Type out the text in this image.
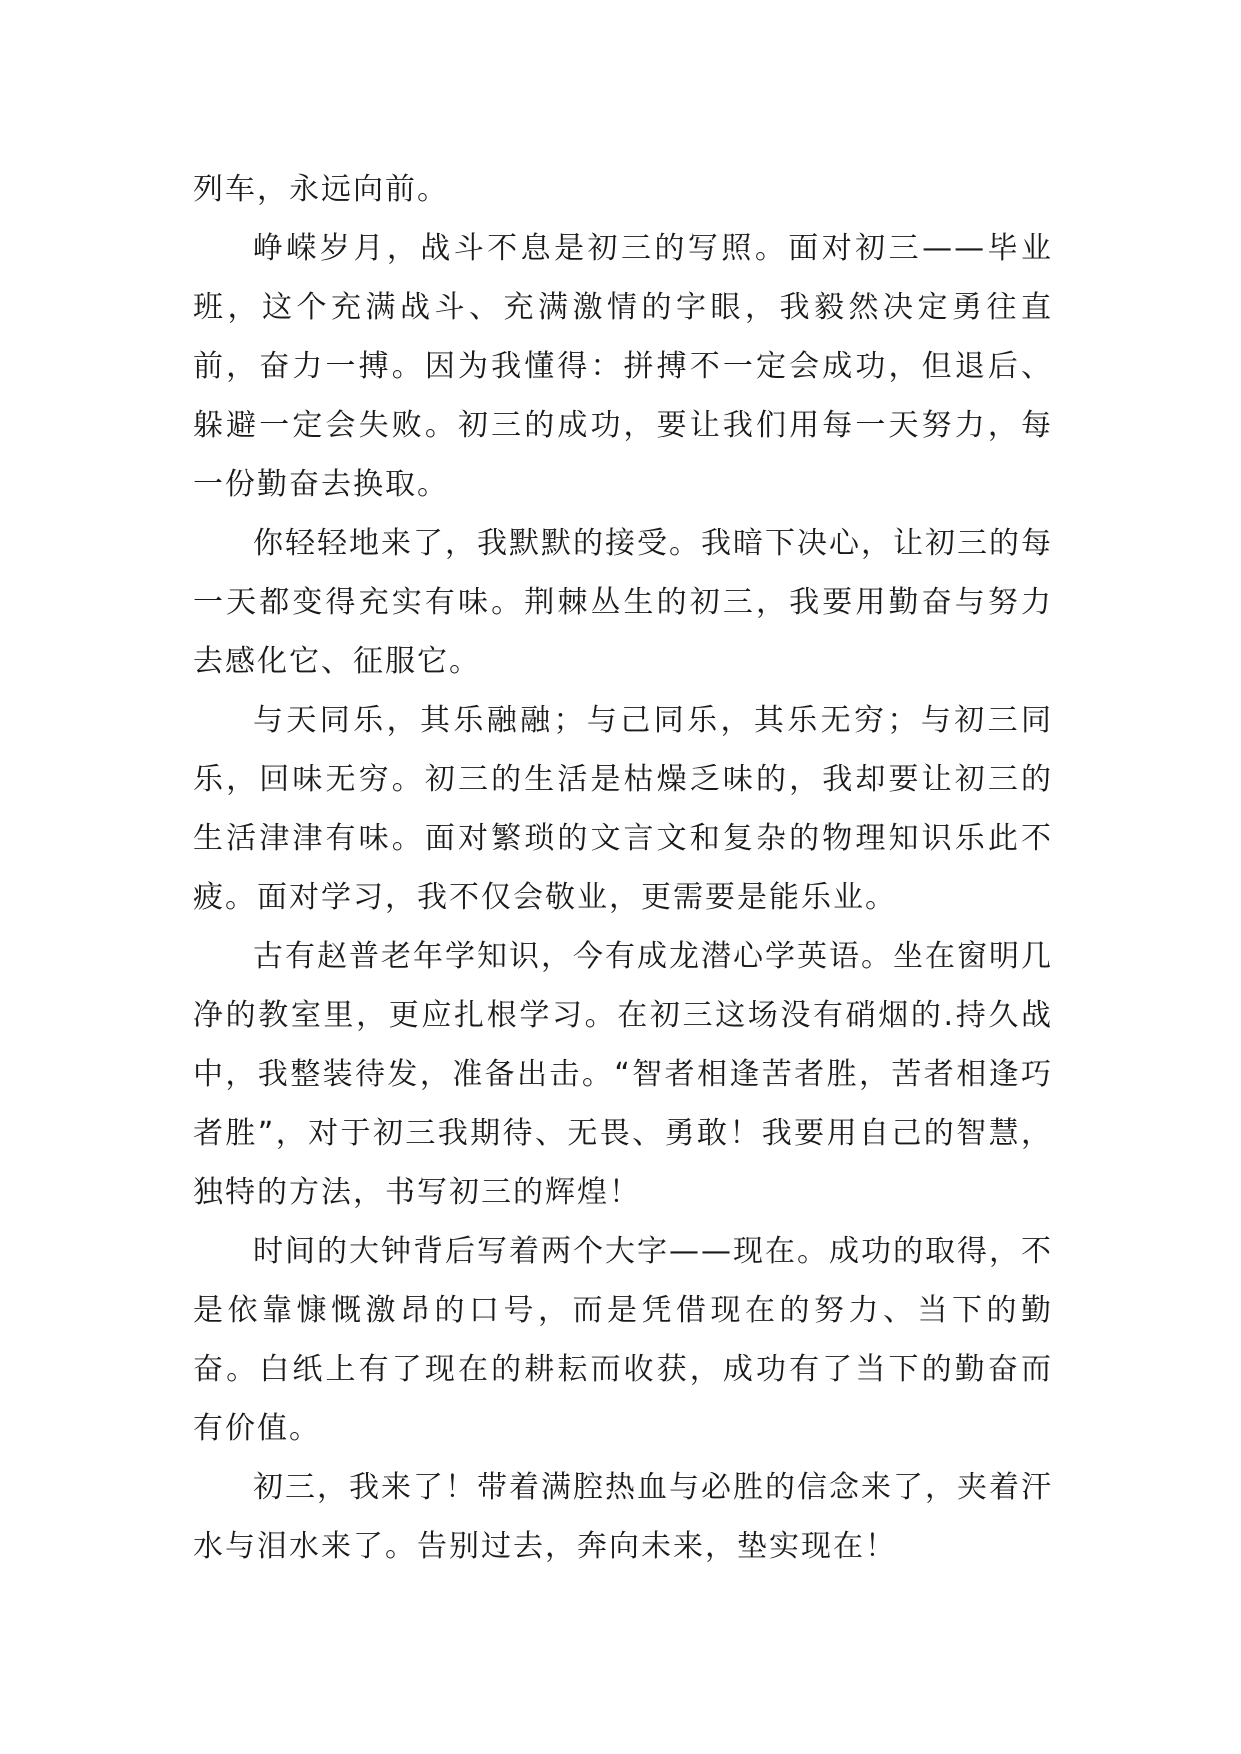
列车，永远向前。

峥嵘岁月，战斗不息是初三的写照。面对初三——毕业班，这个充满战斗、充满激情的字眼，我毅然决定勇往直前，奋力一搏。因为我懂得：拼搏不一定会成功，但退后、躲避一定会失败。初三的成功，要让我们用每一天努力，每一份勤奋去换取。

你轻轻地来了，我默默的接受。我暗下决心，让初三的每一天都变得充实有味。荆棘丛生的初三，我要用勤奋与努力去感化它、征服它。

与天同乐，其乐融融；与己同乐，其乐无穷；与初三同乐，回味无穷。初三的生活是枯燥乏味的，我却要让初三的生活津津有味。面对繁琐的文言文和复杂的物理知识乐此不疲。面对学习，我不仅会敬业，更需要是能乐业。

古有赵普老年学知识，今有成龙潜心学英语。坐在窗明几净的教室里，更应扎根学习。在初三这场没有硝烟的.持久战中，我整装待发，准备出击。“智者相逢苦者胜，苦者相逢巧者胜”，对于初三我期待、无畏、勇敢！我要用自己的智慧，独特的方法，书写初三的辉煌！

时间的大钟背后写着两个大字——现在。成功的取得，不是依靠慷慨激昂的口号，而是凭借现在的努力、当下的勤奋。白纸上有了现在的耕耘而收获，成功有了当下的勤奋而有价值。

初三，我来了！带着满腔热血与必胜的信念来了，夹着汗水与泪水来了。告别过去，奔向未来，垫实现在！
